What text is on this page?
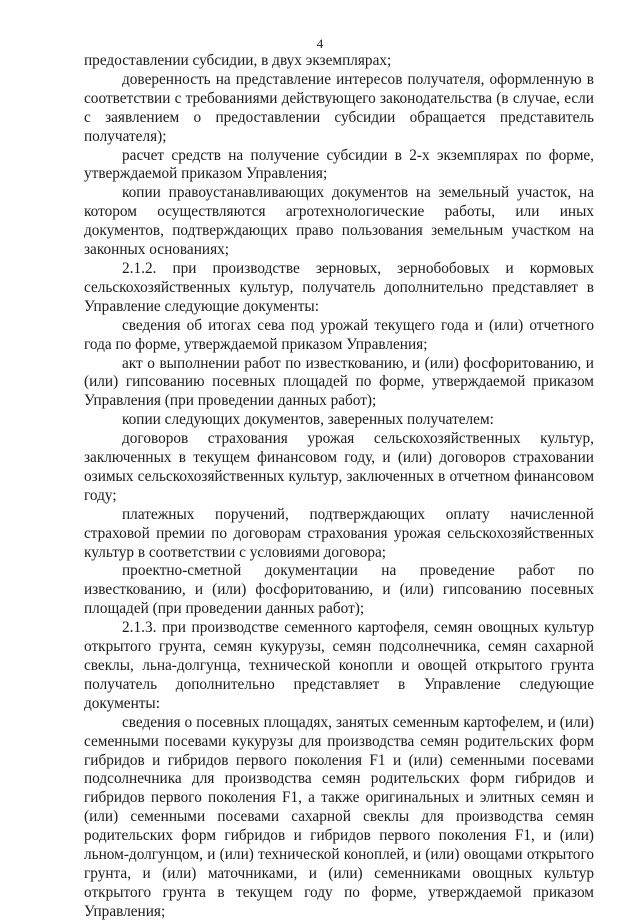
4

предоставлении субсидии, в двух экземплярах;

доверенность на представление интересов получателя, оформленную в соответствии с требованиями действующего законодательства (в случае, если с заявлением о предоставлении субсидии обращается представитель получателя);

расчет средств на получение субсидии в 2-х экземплярах по форме, утверждаемой приказом Управления;

копии правоустанавливающих документов на земельный участок, на котором осуществляются агротехнологические работы, или иных документов, подтверждающих право пользования земельным участком на законных основаниях;

2.1.2. при производстве зерновых, зернобобовых и кормовых сельскохозяйственных культур, получатель дополнительно представляет в Управление следующие документы:

сведения об итогах сева под урожай текущего года и (или) отчетного года по форме, утверждаемой приказом Управления;

акт о выполнении работ по известкованию, и (или) фосфоритованию, и (или) гипсованию посевных площадей по форме, утверждаемой приказом Управления (при проведении данных работ);

копии следующих документов, заверенных получателем:

договоров страхования урожая сельскохозяйственных культур, заключенных в текущем финансовом году, и (или) договоров страховании озимых сельскохозяйственных культур, заключенных в отчетном финансовом году;

платежных поручений, подтверждающих оплату начисленной страховой премии по договорам страхования урожая сельскохозяйственных культур в соответствии с условиями договора;

проектно-сметной документации на проведение работ по известкованию, и (или) фосфоритованию, и (или) гипсованию посевных площадей (при проведении данных работ);

2.1.3. при производстве семенного картофеля, семян овощных культур открытого грунта, семян кукурузы, семян подсолнечника, семян сахарной свеклы, льна-долгунца, технической конопли и овощей открытого грунта получатель дополнительно представляет в Управление следующие документы:

сведения о посевных площадях, занятых семенным картофелем, и (или) семенными посевами кукурузы для производства семян родительских форм гибридов и гибридов первого поколения F1 и (или) семенными посевами подсолнечника для производства семян родительских форм гибридов и гибридов первого поколения F1, а также оригинальных и элитных семян и (или) семенными посевами сахарной свеклы для производства семян родительских форм гибридов и гибридов первого поколения F1, и (или) льном-долгунцом, и (или) технической коноплей, и (или) овощами открытого грунта, и (или) маточниками, и (или) семенниками овощных культур открытого грунта в текущем году по форме, утверждаемой приказом Управления;
